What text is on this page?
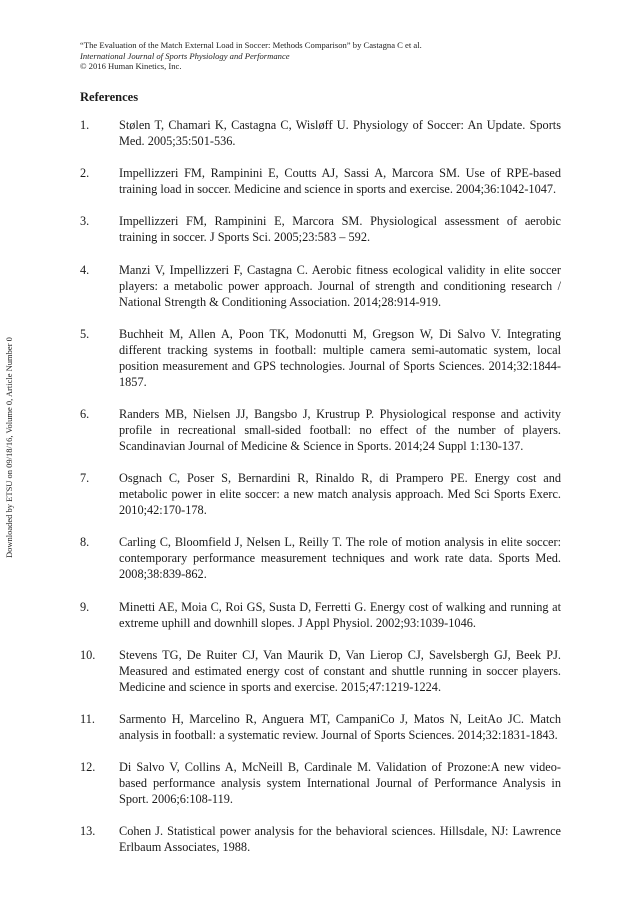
Downloaded by ETSU on 09/18/16, Volume 0, Article Number 0
“The Evaluation of the Match External Load in Soccer: Methods Comparison” by Castagna C et al.
International Journal of Sports Physiology and Performance
© 2016 Human Kinetics, Inc.
References
1.	Stølen T, Chamari K, Castagna C, Wisløff U. Physiology of Soccer: An Update. Sports Med. 2005;35:501-536.
2.	Impellizzeri FM, Rampinini E, Coutts AJ, Sassi A, Marcora SM. Use of RPE-based training load in soccer. Medicine and science in sports and exercise. 2004;36:1042-1047.
3.	Impellizzeri FM, Rampinini E, Marcora SM. Physiological assessment of aerobic training in soccer. J Sports Sci. 2005;23:583 – 592.
4.	Manzi V, Impellizzeri F, Castagna C. Aerobic fitness ecological validity in elite soccer players: a metabolic power approach. Journal of strength and conditioning research / National Strength & Conditioning Association. 2014;28:914-919.
5.	Buchheit M, Allen A, Poon TK, Modonutti M, Gregson W, Di Salvo V. Integrating different tracking systems in football: multiple camera semi-automatic system, local position measurement and GPS technologies. Journal of Sports Sciences. 2014;32:1844-1857.
6.	Randers MB, Nielsen JJ, Bangsbo J, Krustrup P. Physiological response and activity profile in recreational small-sided football: no effect of the number of players. Scandinavian Journal of Medicine & Science in Sports. 2014;24 Suppl 1:130-137.
7.	Osgnach C, Poser S, Bernardini R, Rinaldo R, di Prampero PE. Energy cost and metabolic power in elite soccer: a new match analysis approach. Med Sci Sports Exerc. 2010;42:170-178.
8.	Carling C, Bloomfield J, Nelsen L, Reilly T. The role of motion analysis in elite soccer: contemporary performance measurement techniques and work rate data. Sports Med. 2008;38:839-862.
9.	Minetti AE, Moia C, Roi GS, Susta D, Ferretti G. Energy cost of walking and running at extreme uphill and downhill slopes. J Appl Physiol. 2002;93:1039-1046.
10.	Stevens TG, De Ruiter CJ, Van Maurik D, Van Lierop CJ, Savelsbergh GJ, Beek PJ. Measured and estimated energy cost of constant and shuttle running in soccer players. Medicine and science in sports and exercise. 2015;47:1219-1224.
11.	Sarmento H, Marcelino R, Anguera MT, CampaniCo J, Matos N, LeitAo JC. Match analysis in football: a systematic review. Journal of Sports Sciences. 2014;32:1831-1843.
12.	Di Salvo V, Collins A, McNeill B, Cardinale M. Validation of Prozone:A new video-based performance analysis system International Journal of Performance Analysis in Sport. 2006;6:108-119.
13.	Cohen J. Statistical power analysis for the behavioral sciences. Hillsdale, NJ: Lawrence Erlbaum Associates, 1988.
